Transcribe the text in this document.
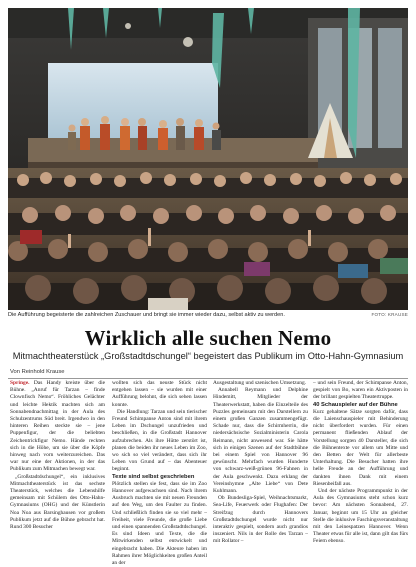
Die Aufführung begeisterte die zahlreichen Zuschauer und bringt sie immer wieder dazu, selbst aktiv zu werden.	FOTO: KRAUSE
Wirklich alle suchen Nemo
Mitmachtheaterstück „Großstadtdschungel“ begeistert das Publikum im Otto-Hahn-Gymnasium
Von Reinhold Krause

Springe. Das Handy kreiste über die Bühne. „Anruf für Tarzan – finde Clownfisch Nemo“. Fröhliches Gelächter und leichte Hektik machten sich am Sonnabendnachmittag in der Aula des Schulzentrums Süd breit. Irgendwo in den hinteren Reihen steckte sie – jene Puppenfigur, der die beliebten Zeichentrickfigur Nemo. Hände reckten sich in die Höhe, um sie über die Köpfe hinweg nach vorn weiterzureichen. Das war nur eine der Aktionen, in der das Publikum zum Mitmachen bewegt war.

„Großstadtdschungel“, ein inklusives Mitmachtheaterstück ist das sechste Theaterstück, welches die Lebenshilfe gemeinsam mit Schülern des Otto-Hahn-Gymnasiums (OHG) und der Künstlerin Noa Noa aus Barsinghausen vor großem Publikum jetzt auf die Bühne gebracht hat. Rund 300 Besucher

wollten sich das neuste Stück nicht entgehen lassen – sie wurden mit einer Aufführung belohnt, die sich sehen lassen konnte.

Die Handlung: Tarzan und sein tierischer Freund Schimpanse Anton sind mit ihrem Leben im Dschungel unzufrieden und beschließen, in die Großstadt Hannover aufzubrechen. Als ihre Hütte zerstört ist, planen die beiden ihr neues Leben im Zoo, wo sich so viel verändert, dass sich ihr Leben von Grund auf – das Abenteuer beginnt.

Texte sind selbst geschrieben

Plötzlich stellen sie fest, dass sie im Zoo Hannover aufgewachsen sind. Nach ihrem Ausbruch machten sie mit neuen Freunden auf den Weg, um den Faulter zu finden. Und schließlich finden sie so viel mehr – Freiheit, viele Freunde, die große Liebe und einen spannenden Großstadtdschungel. Es sind Ideen und Texte, die die Mitwirkenden selbst entwickelt und eingebracht haben. Die Akteure haben im Rahmen ihrer Möglichkeiten großen Anteil an der

Ausgestaltung und szenischen Umsetzung.

Annabell Reymann und Delphine Hindemitt, Mitglieder der Theaterwerkstatt, haben die Einzelteile des Puzzles gemeinsam mit den Darstellern zu einem großen Ganzen zusammengefügt. Schade nur, dass die Schirmherrin, die niedersächsische Sozialministerin Carola Reimann, nicht anwesend war. Sie hätte sich in einigen Szenen auf der Stadtbühne bei einem Spiel von Hannover 96 gewünscht. Mehrfach wurden Hunderte von schwarz-weiß-grünen 96-Fahnen in der Aula geschwenkt. Dazu erklang der Vereinshymne „Alte Liebe“ von Dete Kuhlmann.

Ob Bundesliga-Spiel, Weihnachtsmarkt, Sea-Life, Feuerwerk oder Flughafen: Der Streifzug durch Hannovers Großstadtdschungel wurde nicht nur interaktiv gespielt, sondern auch grandios inszeniert. Nils in der Rolle des Tarzan – mit Rollator –

– und sein Freund, der Schimpanse Anton, gespielt von Bo, waren ein Aktivposten in der brillant gespielten Theatertruppe.

40 Schauspieler auf der Bühne

Kurz gehaltene Sätze sorgten dafür, dass die Laienschauspieler mit Behinderung nicht überfordert wurden. Für einen permanent fließenden Ablauf der Vorstellung sorgten 40 Darsteller, die sich die Bühnentexte vor allem um Mitte und den Betten der Welt für allerbeste Unterhaltung. Die Besucher hatten ihre helle Freude an der Aufführung und dankten ihnen Dank mit einem Riesenbeifall aus.

Und der nächste Programmpunkt in der Aula des Gymnasiums steht schon kurz bevor: Am nächsten Sonnabend, 27. Januar, beginnt um 15 Uhr an gleicher Stelle die inklusive Faschingsveranstaltung mit den Leinespatzen Hannover. Wenn Theater etwas für alle ist, dann gilt das fürs Feiern ebenso.
